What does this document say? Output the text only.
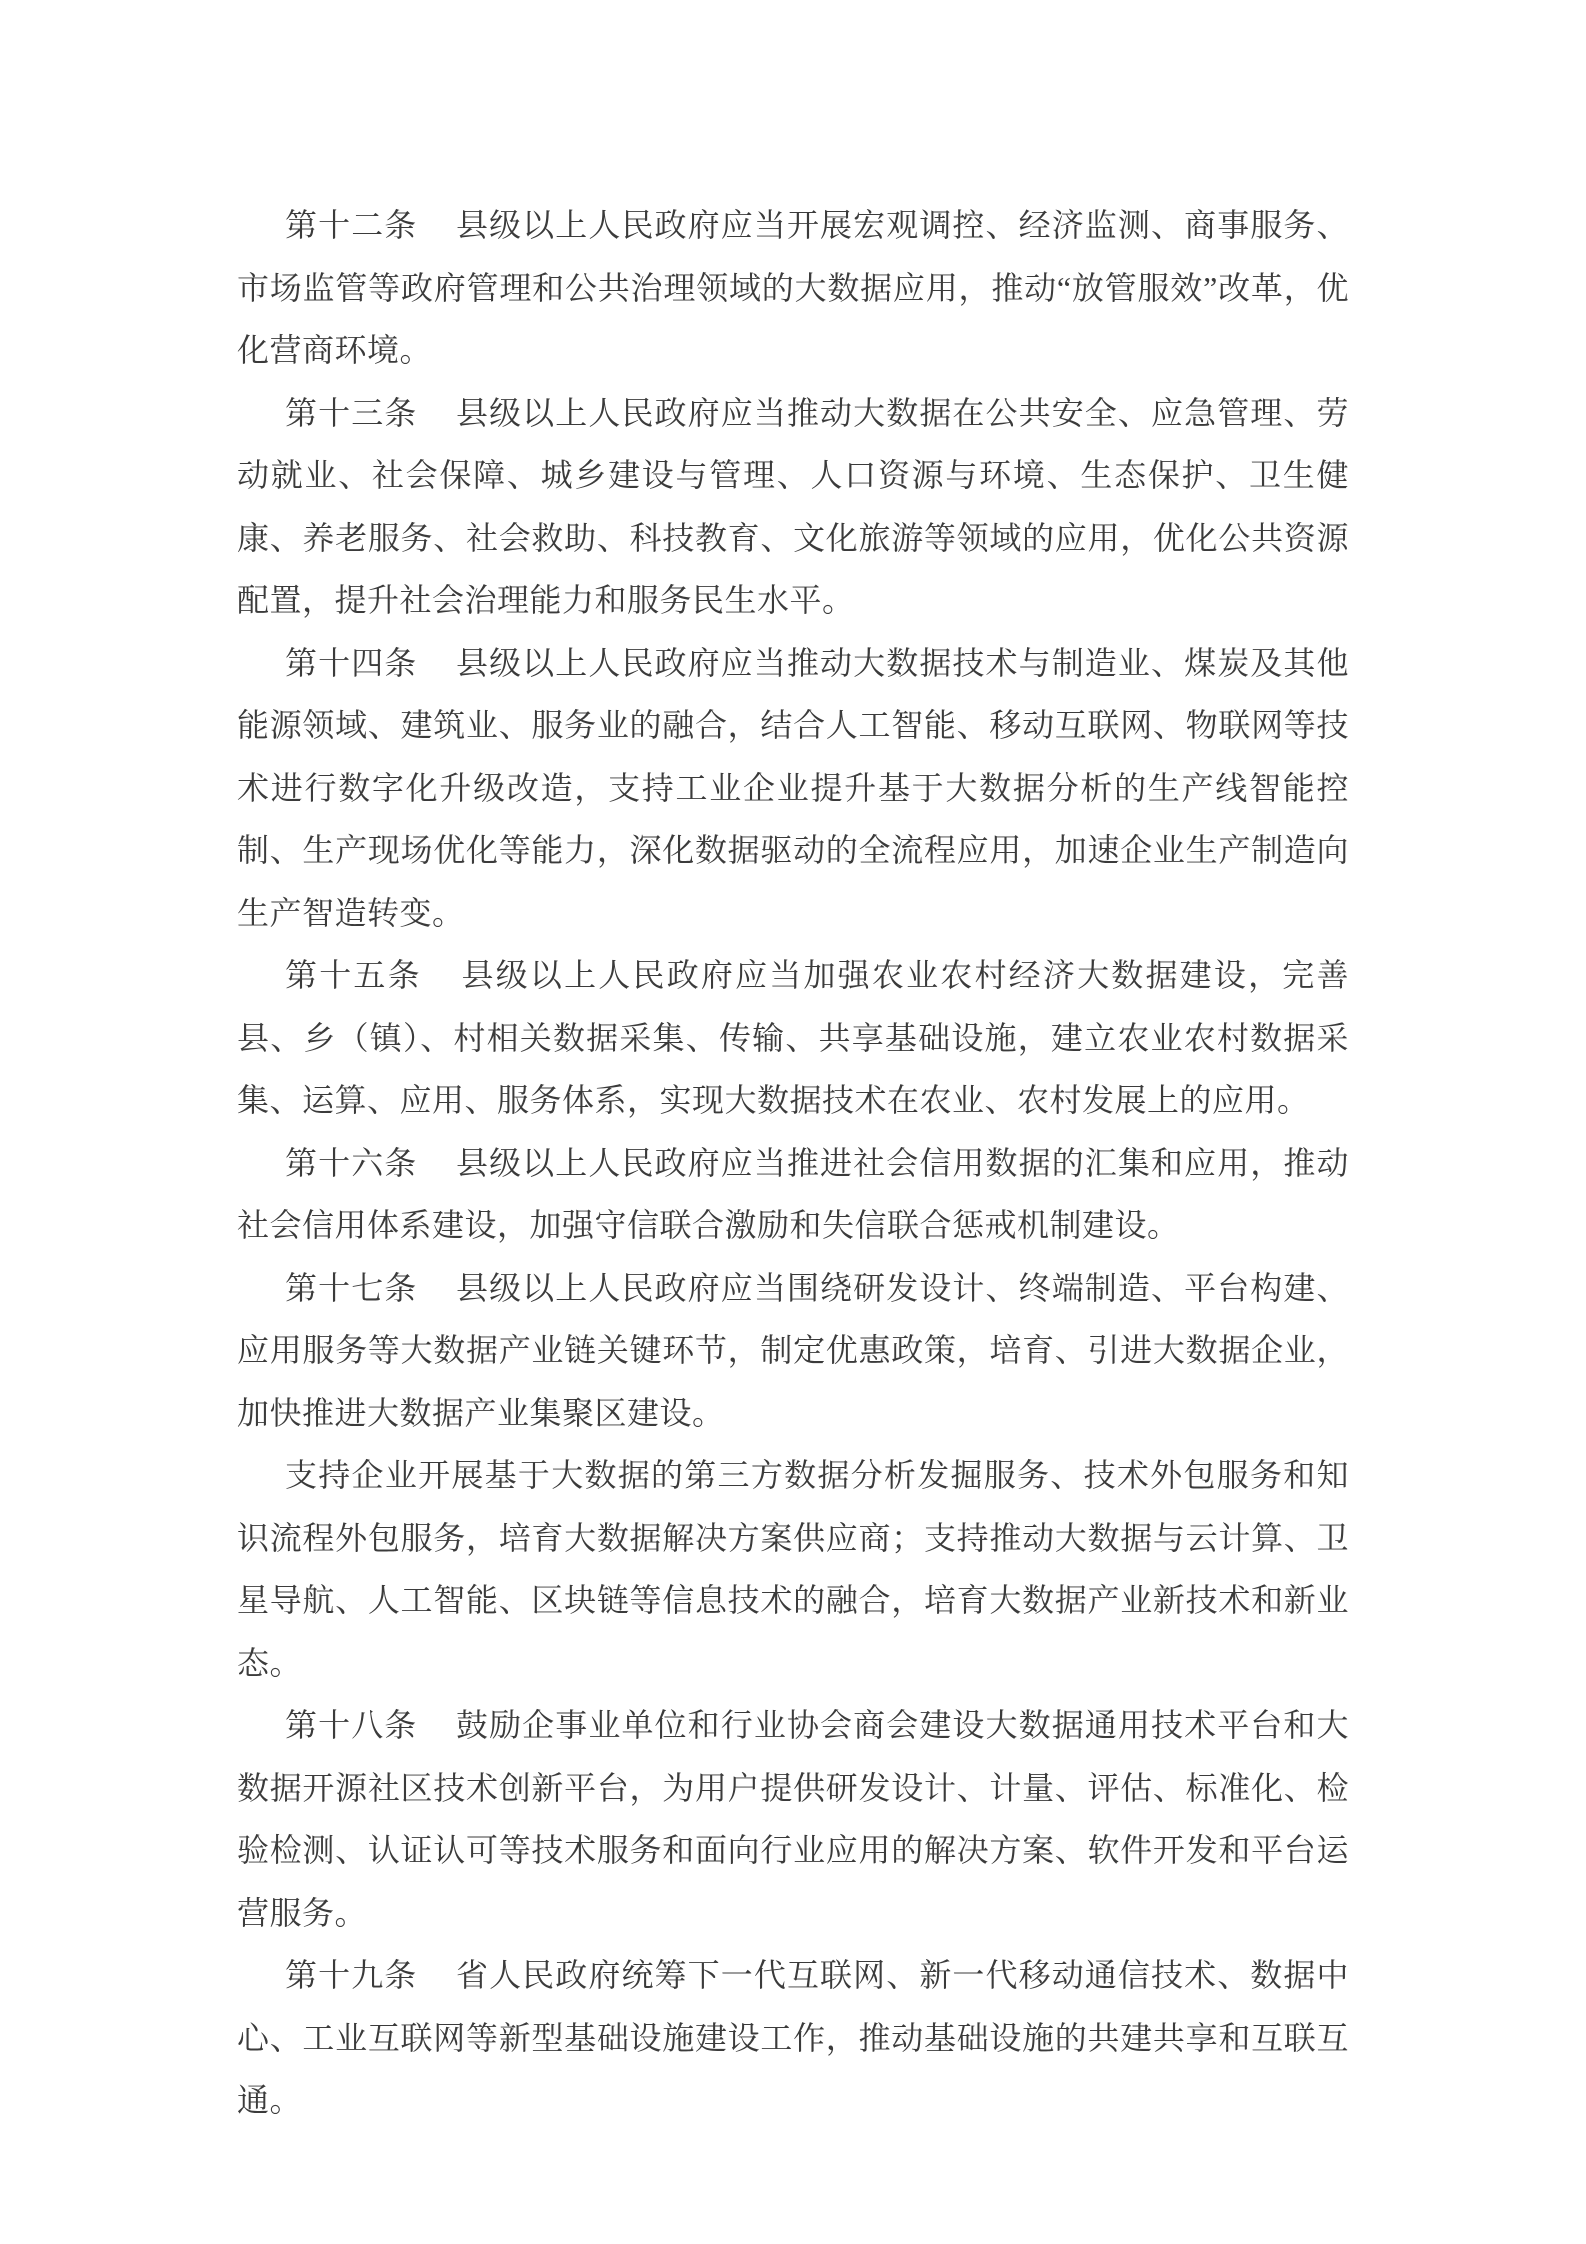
第十二条 县级以上人民政府应当开展宏观调控、经济监测、商事服务、市场监管等政府管理和公共治理领域的大数据应用，推动“放管服效”改革，优化营商环境。

第十三条 县级以上人民政府应当推动大数据在公共安全、应急管理、劳动就业、社会保障、城乡建设与管理、人口资源与环境、生态保护、卫生健康、养老服务、社会救助、科技教育、文化旅游等领域的应用，优化公共资源配置，提升社会治理能力和服务民生水平。

第十四条 县级以上人民政府应当推动大数据技术与制造业、煤炭及其他能源领域、建筑业、服务业的融合，结合人工智能、移动互联网、物联网等技术进行数字化升级改造，支持工业企业提升基于大数据分析的生产线智能控制、生产现场优化等能力，深化数据驱动的全流程应用，加速企业生产制造向生产智造转变。

第十五条 县级以上人民政府应当加强农业农村经济大数据建设，完善县、乡（镇）、村相关数据采集、传输、共享基础设施，建立农业农村数据采集、运算、应用、服务体系，实现大数据技术在农业、农村发展上的应用。

第十六条 县级以上人民政府应当推进社会信用数据的汇集和应用，推动社会信用体系建设，加强守信联合激励和失信联合惩戒机制建设。

第十七条 县级以上人民政府应当围绕研发设计、终端制造、平台构建、应用服务等大数据产业链关键环节，制定优惠政策，培育、引进大数据企业，加快推进大数据产业集聚区建设。

支持企业开展基于大数据的第三方数据分析发掘服务、技术外包服务和知识流程外包服务，培育大数据解决方案供应商；支持推动大数据与云计算、卫星导航、人工智能、区块链等信息技术的融合，培育大数据产业新技术和新业态。

第十八条 鼓励企事业单位和行业协会商会建设大数据通用技术平台和大数据开源社区技术创新平台，为用户提供研发设计、计量、评估、标准化、检验检测、认证认可等技术服务和面向行业应用的解决方案、软件开发和平台运营服务。

第十九条 省人民政府统筹下一代互联网、新一代移动通信技术、数据中心、工业互联网等新型基础设施建设工作，推动基础设施的共建共享和互联互通。
